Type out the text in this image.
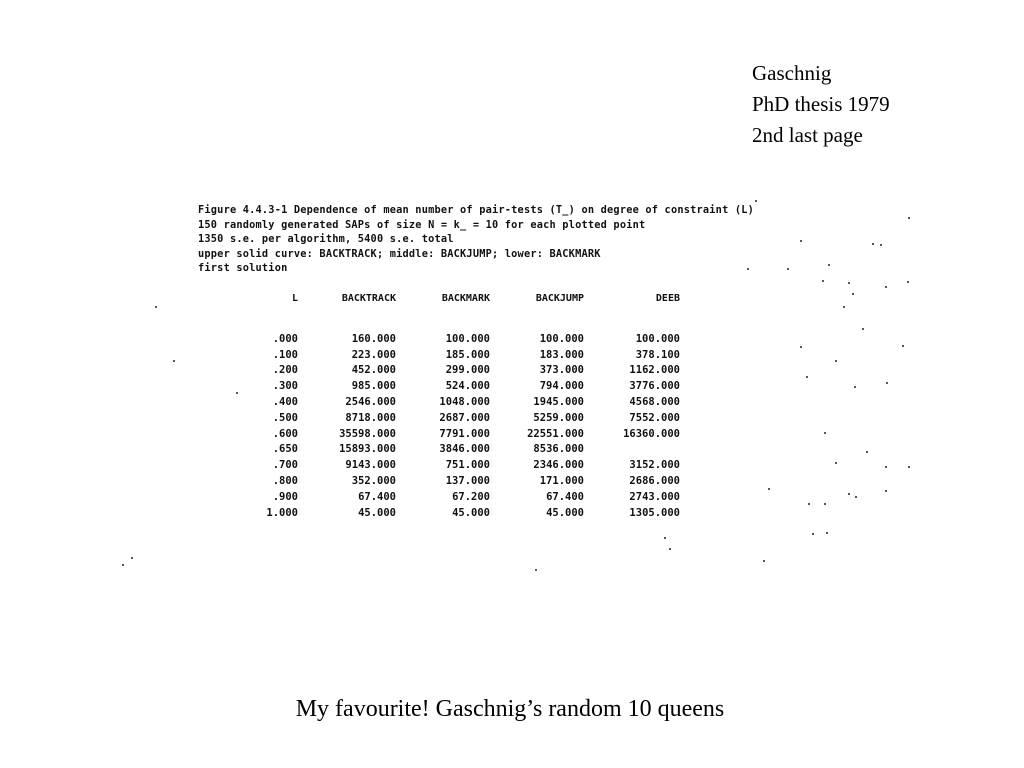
Gaschnig
PhD thesis 1979
2nd last page
Figure 4.4.3-1 Dependence of mean number of pair-tests (T_) on degree of constraint (L)
150 randomly generated SAPs of size N = k_ = 10 for each plotted point
1350 s.e. per algorithm, 5400 s.e. total
upper solid curve: BACKTRACK; middle: BACKJUMP; lower: BACKMARK
first solution
L	BACKTRACK	BACKMARK	BACKJUMP	DEEB
.000	160.000	100.000	100.000	100.000
.100	223.000	185.000	183.000	378.100
.200	452.000	299.000	373.000	1162.000
.300	985.000	524.000	794.000	3776.000
.400	2546.000	1048.000	1945.000	4568.000
.500	8718.000	2687.000	5259.000	7552.000
.600	35598.000	7791.000	22551.000	16360.000
.650	15893.000	3846.000	8536.000	
.700	9143.000	751.000	2346.000	3152.000
.800	352.000	137.000	171.000	2686.000
.900	67.400	67.200	67.400	2743.000
1.000	45.000	45.000	45.000	1305.000
My favourite! Gaschnig’s random 10 queens
